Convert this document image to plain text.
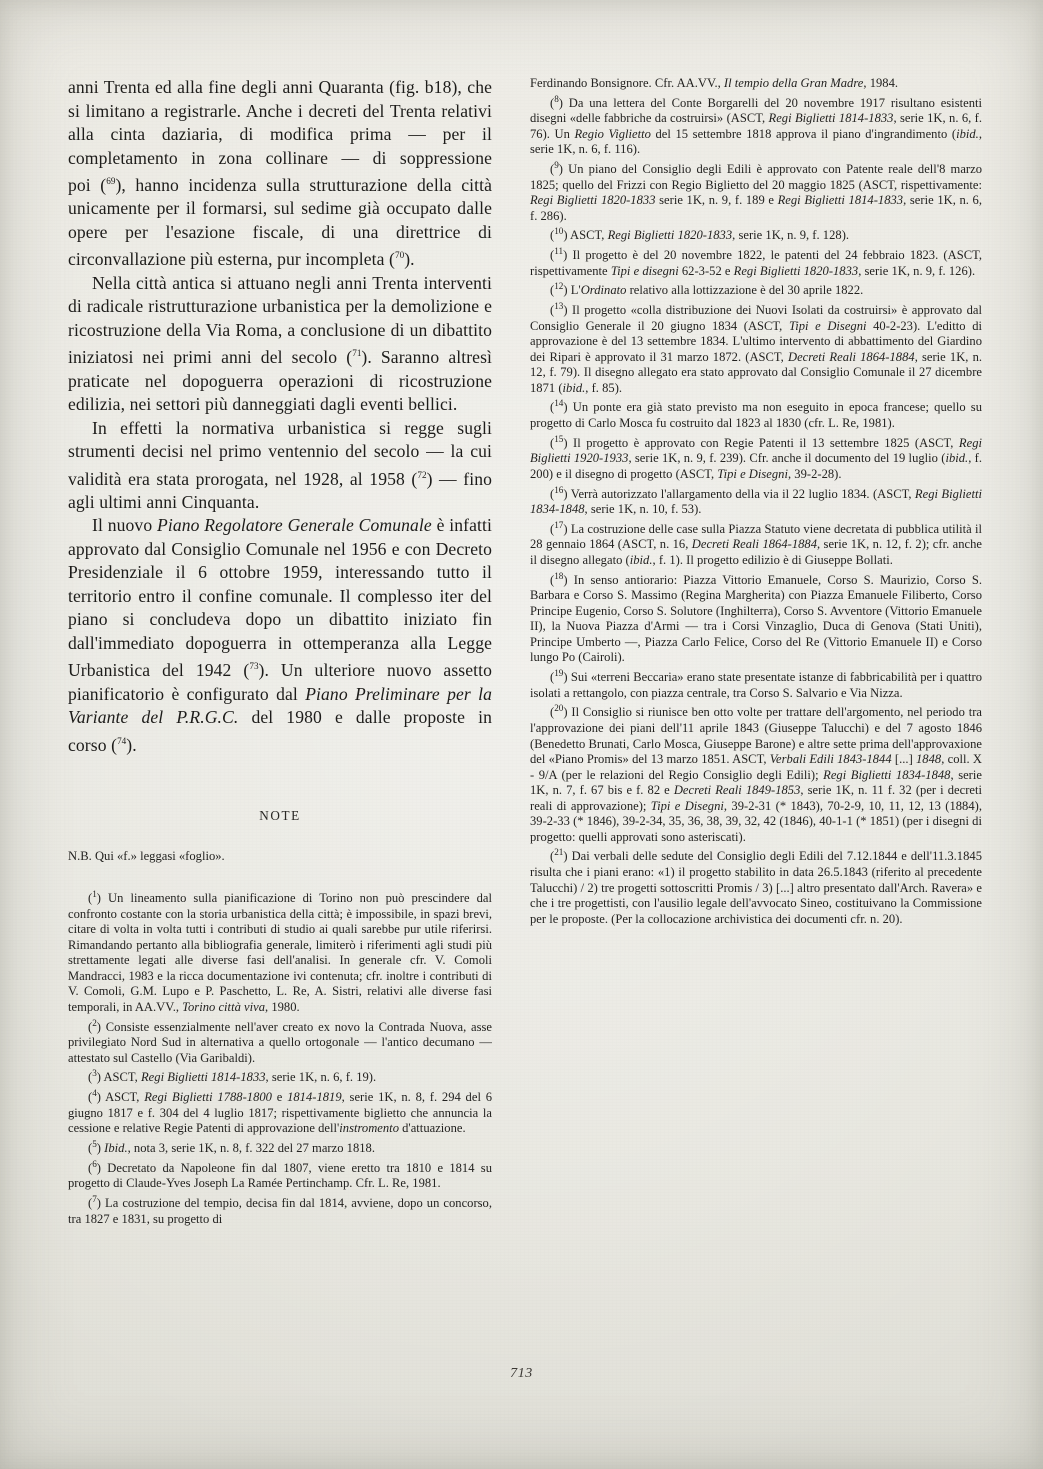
anni Trenta ed alla fine degli anni Quaranta (fig. b18), che si limitano a registrarle. Anche i decreti del Trenta relativi alla cinta daziaria, di modifica prima — per il completamento in zona collinare — di soppressione poi ($^{69}$), hanno incidenza sulla strutturazione della città unicamente per il formarsi, sul sedime già occupato dalle opere per l'esazione fiscale, di una direttrice di circonvallazione più esterna, pur incompleta ($^{70}$).

Nella città antica si attuano negli anni Trenta interventi di radicale ristrutturazione urbanistica per la demolizione e ricostruzione della Via Roma, a conclusione di un dibattito iniziatosi nei primi anni del secolo ($^{71}$). Saranno altresì praticate nel dopoguerra operazioni di ricostruzione edilizia, nei settori più danneggiati dagli eventi bellici.

In effetti la normativa urbanistica si regge sugli strumenti decisi nel primo ventennio del secolo — la cui validità era stata prorogata, nel 1928, al 1958 ($^{72}$) — fino agli ultimi anni Cinquanta.

Il nuovo Piano Regolatore Generale Comunale è infatti approvato dal Consiglio Comunale nel 1956 e con Decreto Presidenziale il 6 ottobre 1959, interessando tutto il territorio entro il confine comunale. Il complesso iter del piano si concludeva dopo un dibattito iniziato fin dall'immediato dopoguerra in ottemperanza alla Legge Urbanistica del 1942 ($^{73}$). Un ulteriore nuovo assetto pianificatorio è configurato dal Piano Preliminare per la Variante del P.R.G.C. del 1980 e dalle proposte in corso ($^{74}$).

NOTE
N.B. Qui «f.» leggasi «foglio».

($^1$) Un lineamento sulla pianificazione di Torino non può prescindere dal confronto costante con la storia urbanistica della città; è impossibile, in spazi brevi, citare di volta in volta tutti i contributi di studio ai quali sarebbe pur utile riferirsi. Rimandando pertanto alla bibliografia generale, limiterò i riferimenti agli studi più strettamente legati alle diverse fasi dell'analisi. In generale cfr. V. Comoli Mandracci, 1983 e la ricca documentazione ivi contenuta; cfr. inoltre i contributi di V. Comoli, G.M. Lupo e P. Paschetto, L. Re, A. Sistri, relativi alle diverse fasi temporali, in AA.VV., Torino città viva, 1980.

($^2$) Consiste essenzialmente nell'aver creato ex novo la Contrada Nuova, asse privilegiato Nord Sud in alternativa a quello ortogonale — l'antico decumano — attestato sul Castello (Via Garibaldi).

($^3$) ASCT, Regi Biglietti 1814-1833, serie 1K, n. 6, f. 19).

($^4$) ASCT, Regi Biglietti 1788-1800 e 1814-1819, serie 1K, n. 8, f. 294 del 6 giugno 1817 e f. 304 del 4 luglio 1817; rispettivamente biglietto che annuncia la cessione e relative Regie Patenti di approvazione dell'instromento d'attuazione.

($^5$) Ibid., nota 3, serie 1K, n. 8, f. 322 del 27 marzo 1818.

($^6$) Decretato da Napoleone fin dal 1807, viene eretto tra 1810 e 1814 su progetto di Claude-Yves Joseph La Ramée Pertinchamp. Cfr. L. Re, 1981.

($^7$) La costruzione del tempio, decisa fin dal 1814, avviene, dopo un concorso, tra 1827 e 1831, su progetto di

Ferdinando Bonsignore. Cfr. AA.VV., Il tempio della Gran Madre, 1984.

($^8$) Da una lettera del Conte Borgarelli del 20 novembre 1917 risultano esistenti disegni «delle fabbriche da costruirsi» (ASCT, Regi Biglietti 1814-1833, serie 1K, n. 6, f. 76). Un Regio Viglietto del 15 settembre 1818 approva il piano d'ingrandimento (ibid., serie 1K, n. 6, f. 116).

($^9$) Un piano del Consiglio degli Edili è approvato con Patente reale dell'8 marzo 1825; quello del Frizzi con Regio Biglietto del 20 maggio 1825 (ASCT, rispettivamente: Regi Biglietti 1820-1833 serie 1K, n. 9, f. 189 e Regi Biglietti 1814-1833, serie 1K, n. 6, f. 286).

($^{10}$) ASCT, Regi Biglietti 1820-1833, serie 1K, n. 9, f. 128).

($^{11}$) Il progetto è del 20 novembre 1822, le patenti del 24 febbraio 1823. (ASCT, rispettivamente Tipi e disegni 62-3-52 e Regi Biglietti 1820-1833, serie 1K, n. 9, f. 126).

($^{12}$) L'Ordinato relativo alla lottizzazione è del 30 aprile 1822.

($^{13}$) Il progetto «colla distribuzione dei Nuovi Isolati da costruirsi» è approvato dal Consiglio Generale il 20 giugno 1834 (ASCT, Tipi e Disegni 40-2-23). L'editto di approvazione è del 13 settembre 1834. L'ultimo intervento di abbattimento del Giardino dei Ripari è approvato il 31 marzo 1872. (ASCT, Decreti Reali 1864-1884, serie 1K, n. 12, f. 79). Il disegno allegato era stato approvato dal Consiglio Comunale il 27 dicembre 1871 (ibid., f. 85).

($^{14}$) Un ponte era già stato previsto ma non eseguito in epoca francese; quello su progetto di Carlo Mosca fu costruito dal 1823 al 1830 (cfr. L. Re, 1981).

($^{15}$) Il progetto è approvato con Regie Patenti il 13 settembre 1825 (ASCT, Regi Biglietti 1920-1933, serie 1K, n. 9, f. 239). Cfr. anche il documento del 19 luglio (ibid., f. 200) e il disegno di progetto (ASCT, Tipi e Disegni, 39-2-28).

($^{16}$) Verrà autorizzato l'allargamento della via il 22 luglio 1834. (ASCT, Regi Biglietti 1834-1848, serie 1K, n. 10, f. 53).

($^{17}$) La costruzione delle case sulla Piazza Statuto viene decretata di pubblica utilità il 28 gennaio 1864 (ASCT, n. 16, Decreti Reali 1864-1884, serie 1K, n. 12, f. 2); cfr. anche il disegno allegato (ibid., f. 1). Il progetto edilizio è di Giuseppe Bollati.

($^{18}$) In senso antiorario: Piazza Vittorio Emanuele, Corso S. Maurizio, Corso S. Barbara e Corso S. Massimo (Regina Margherita) con Piazza Emanuele Filiberto, Corso Principe Eugenio, Corso S. Solutore (Inghilterra), Corso S. Avventore (Vittorio Emanuele II), la Nuova Piazza d'Armi — tra i Corsi Vinzaglio, Duca di Genova (Stati Uniti), Principe Umberto —, Piazza Carlo Felice, Corso del Re (Vittorio Emanuele II) e Corso lungo Po (Cairoli).

($^{19}$) Sui «terreni Beccaria» erano state presentate istanze di fabbricabilità per i quattro isolati a rettangolo, con piazza centrale, tra Corso S. Salvario e Via Nizza.

($^{20}$) Il Consiglio si riunisce ben otto volte per trattare dell'argomento, nel periodo tra l'approvazione dei piani dell'11 aprile 1843 (Giuseppe Talucchi) e del 7 agosto 1846 (Benedetto Brunati, Carlo Mosca, Giuseppe Barone) e altre sette prima dell'approvaxione del «Piano Promis» del 13 marzo 1851. ASCT, Verbali Edili 1843-1844 [...] 1848, coll. X - 9/A (per le relazioni del Regio Consiglio degli Edili); Regi Biglietti 1834-1848, serie 1K, n. 7, f. 67 bis e f. 82 e Decreti Reali 1849-1853, serie 1K, n. 11 f. 32 (per i decreti reali di approvazione); Tipi e Disegni, 39-2-31 (* 1843), 70-2-9, 10, 11, 12, 13 (1884), 39-2-33 (* 1846), 39-2-34, 35, 36, 38, 39, 32, 42 (1846), 40-1-1 (* 1851) (per i disegni di progetto: quelli approvati sono asteriscati).

($^{21}$) Dai verbali delle sedute del Consiglio degli Edili del 7.12.1844 e dell'11.3.1845 risulta che i piani erano: «1) il progetto stabilito in data 26.5.1843 (riferito al precedente Talucchi) / 2) tre progetti sottoscritti Promis / 3) [...] altro presentato dall'Arch. Ravera» e che i tre progettisti, con l'ausilio legale dell'avvocato Sineo, costituivano la Commissione per le proposte. (Per la collocazione archivistica dei documenti cfr. n. 20).

713
